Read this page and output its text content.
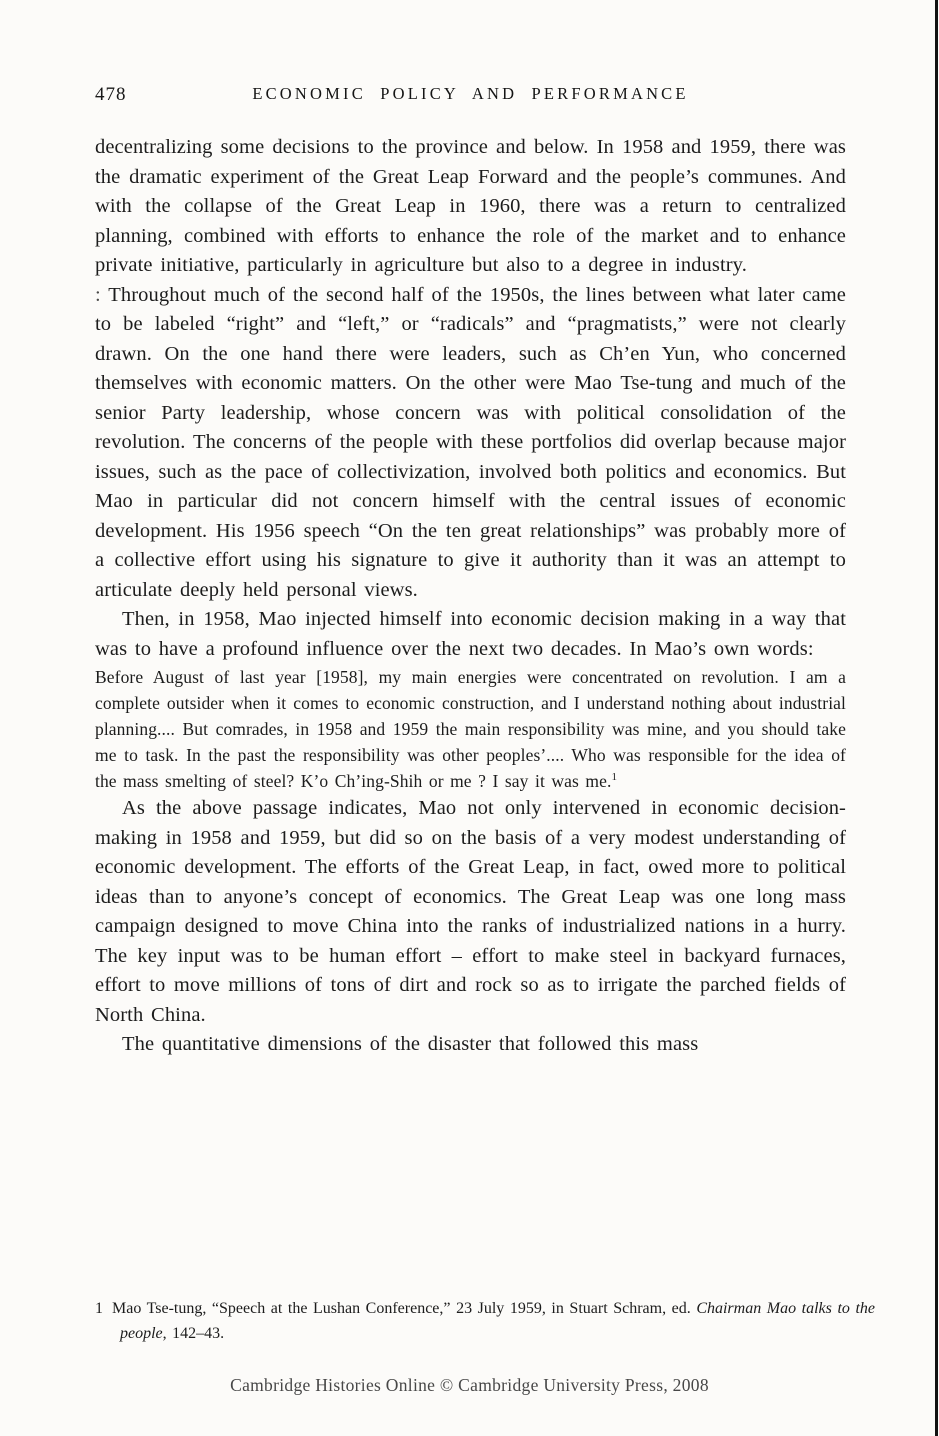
478	ECONOMIC POLICY AND PERFORMANCE

decentralizing some decisions to the province and below. In 1958 and 1959, there was the dramatic experiment of the Great Leap Forward and the people’s communes. And with the collapse of the Great Leap in 1960, there was a return to centralized planning, combined with efforts to enhance the role of the market and to enhance private initiative, particularly in agriculture but also to a degree in industry.

: Throughout much of the second half of the 1950s, the lines between what later came to be labeled “right” and “left,” or “radicals” and “pragmatists,” were not clearly drawn. On the one hand there were leaders, such as Ch’en Yun, who concerned themselves with economic matters. On the other were Mao Tse-tung and much of the senior Party leadership, whose concern was with political consolidation of the revolution. The concerns of the people with these portfolios did overlap because major issues, such as the pace of collectivization, involved both politics and economics. But Mao in particular did not concern himself with the central issues of economic development. His 1956 speech “On the ten great relationships” was probably more of a collective effort using his signature to give it authority than it was an attempt to articulate deeply held personal views.

Then, in 1958, Mao injected himself into economic decision making in a way that was to have a profound influence over the next two decades. In Mao’s own words:

Before August of last year [1958], my main energies were concentrated on revolution. I am a complete outsider when it comes to economic construction, and I understand nothing about industrial planning.... But comrades, in 1958 and 1959 the main responsibility was mine, and you should take me to task. In the past the responsibility was other peoples’.... Who was responsible for the idea of the mass smelting of steel? K’o Ch’ing-Shih or me ? I say it was me.$^1$

As the above passage indicates, Mao not only intervened in economic decision-making in 1958 and 1959, but did so on the basis of a very modest understanding of economic development. The efforts of the Great Leap, in fact, owed more to political ideas than to anyone’s concept of economics. The Great Leap was one long mass campaign designed to move China into the ranks of industrialized nations in a hurry. The key input was to be human effort – effort to make steel in backyard furnaces, effort to move millions of tons of dirt and rock so as to irrigate the parched fields of North China.

The quantitative dimensions of the disaster that followed this mass

1 Mao Tse-tung, “Speech at the Lushan Conference,” 23 July 1959, in Stuart Schram, ed. Chairman Mao talks to the people, 142–43.
Cambridge Histories Online © Cambridge University Press, 2008
